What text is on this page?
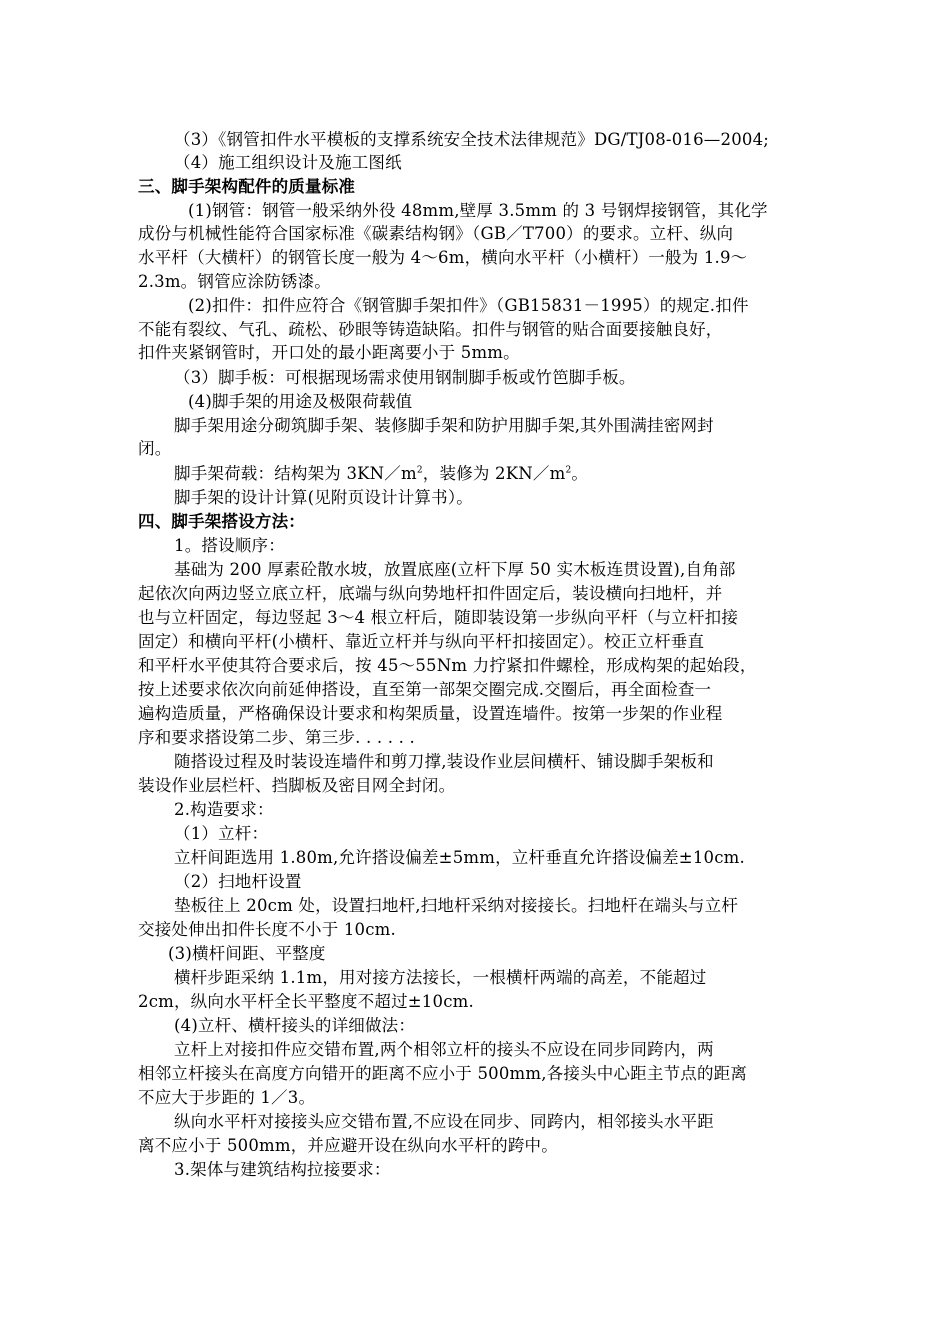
（3）《钢管扣件水平模板的支撑系统安全技术法律规范》DG/TJ08-016—2004;
（4）施工组织设计及施工图纸
三、脚手架构配件的质量标准
(1)钢管：钢管一般采纳外役 48mm,壁厚 3.5mm 的 3 号钢焊接钢管，其化学
成份与机械性能符合国家标准《碳素结构钢》（GB／T700）的要求。立杆、纵向
水平杆（大横杆）的钢管长度一般为 4～6m，横向水平杆（小横杆）一般为 1.9～
2.3m。钢管应涂防锈漆。
(2)扣件：扣件应符合《钢管脚手架扣件》（GB15831－1995）的规定.扣件
不能有裂纹、气孔、疏松、砂眼等铸造缺陷。扣件与钢管的贴合面要接触良好，
扣件夹紧钢管时，开口处的最小距离要小于 5mm。
（3）脚手板：可根据现场需求使用钢制脚手板或竹笆脚手板。
(4)脚手架的用途及极限荷载值
脚手架用途分砌筑脚手架、装修脚手架和防护用脚手架,其外围满挂密网封
闭。
脚手架荷载：结构架为 $3KN/m^2$，装修为 $2KN/m^2$。
脚手架的设计计算(见附页设计计算书）。
四、脚手架搭设方法：
1。搭设顺序：
基础为 200 厚素砼散水坡，放置底座(立杆下厚 50 实木板连贯设置),自角部
起依次向两边竖立底立杆，底端与纵向势地杆扣件固定后，装设横向扫地杆，并
也与立杆固定，每边竖起 3～4 根立杆后，随即装设第一步纵向平杆（与立杆扣接
固定）和横向平杆(小横杆、靠近立杆并与纵向平杆扣接固定）。校正立杆垂直
和平杆水平使其符合要求后，按 45～55Nm 力拧紧扣件螺栓，形成构架的起始段，
按上述要求依次向前延伸搭设，直至第一部架交圈完成.交圈后，再全面检查一
遍构造质量，严格确保设计要求和构架质量，设置连墙件。按第一步架的作业程
序和要求搭设第二步、第三步. . . . . .
随搭设过程及时装设连墙件和剪刀撑,装设作业层间横杆、铺设脚手架板和
装设作业层栏杆、挡脚板及密目网全封闭。
2.构造要求：
（1）立杆：
立杆间距选用 1.80m,允许搭设偏差±5mm，立杆垂直允许搭设偏差±10cm.
（2）扫地杆设置
垫板往上 20cm 处，设置扫地杆,扫地杆采纳对接接长。扫地杆在端头与立杆
交接处伸出扣件长度不小于 10cm.
(3)横杆间距、平整度
横杆步距采纳 1.1m，用对接方法接长，一根横杆两端的高差，不能超过
2cm，纵向水平杆全长平整度不超过±10cm.
(4)立杆、横杆接头的详细做法：
立杆上对接扣件应交错布置,两个相邻立杆的接头不应设在同步同跨内，两
相邻立杆接头在高度方向错开的距离不应小于 500mm,各接头中心距主节点的距离
不应大于步距的 1／3。
纵向水平杆对接接头应交错布置,不应设在同步、同跨内，相邻接头水平距
离不应小于 500mm，并应避开设在纵向水平杆的跨中。
3.架体与建筑结构拉接要求：
